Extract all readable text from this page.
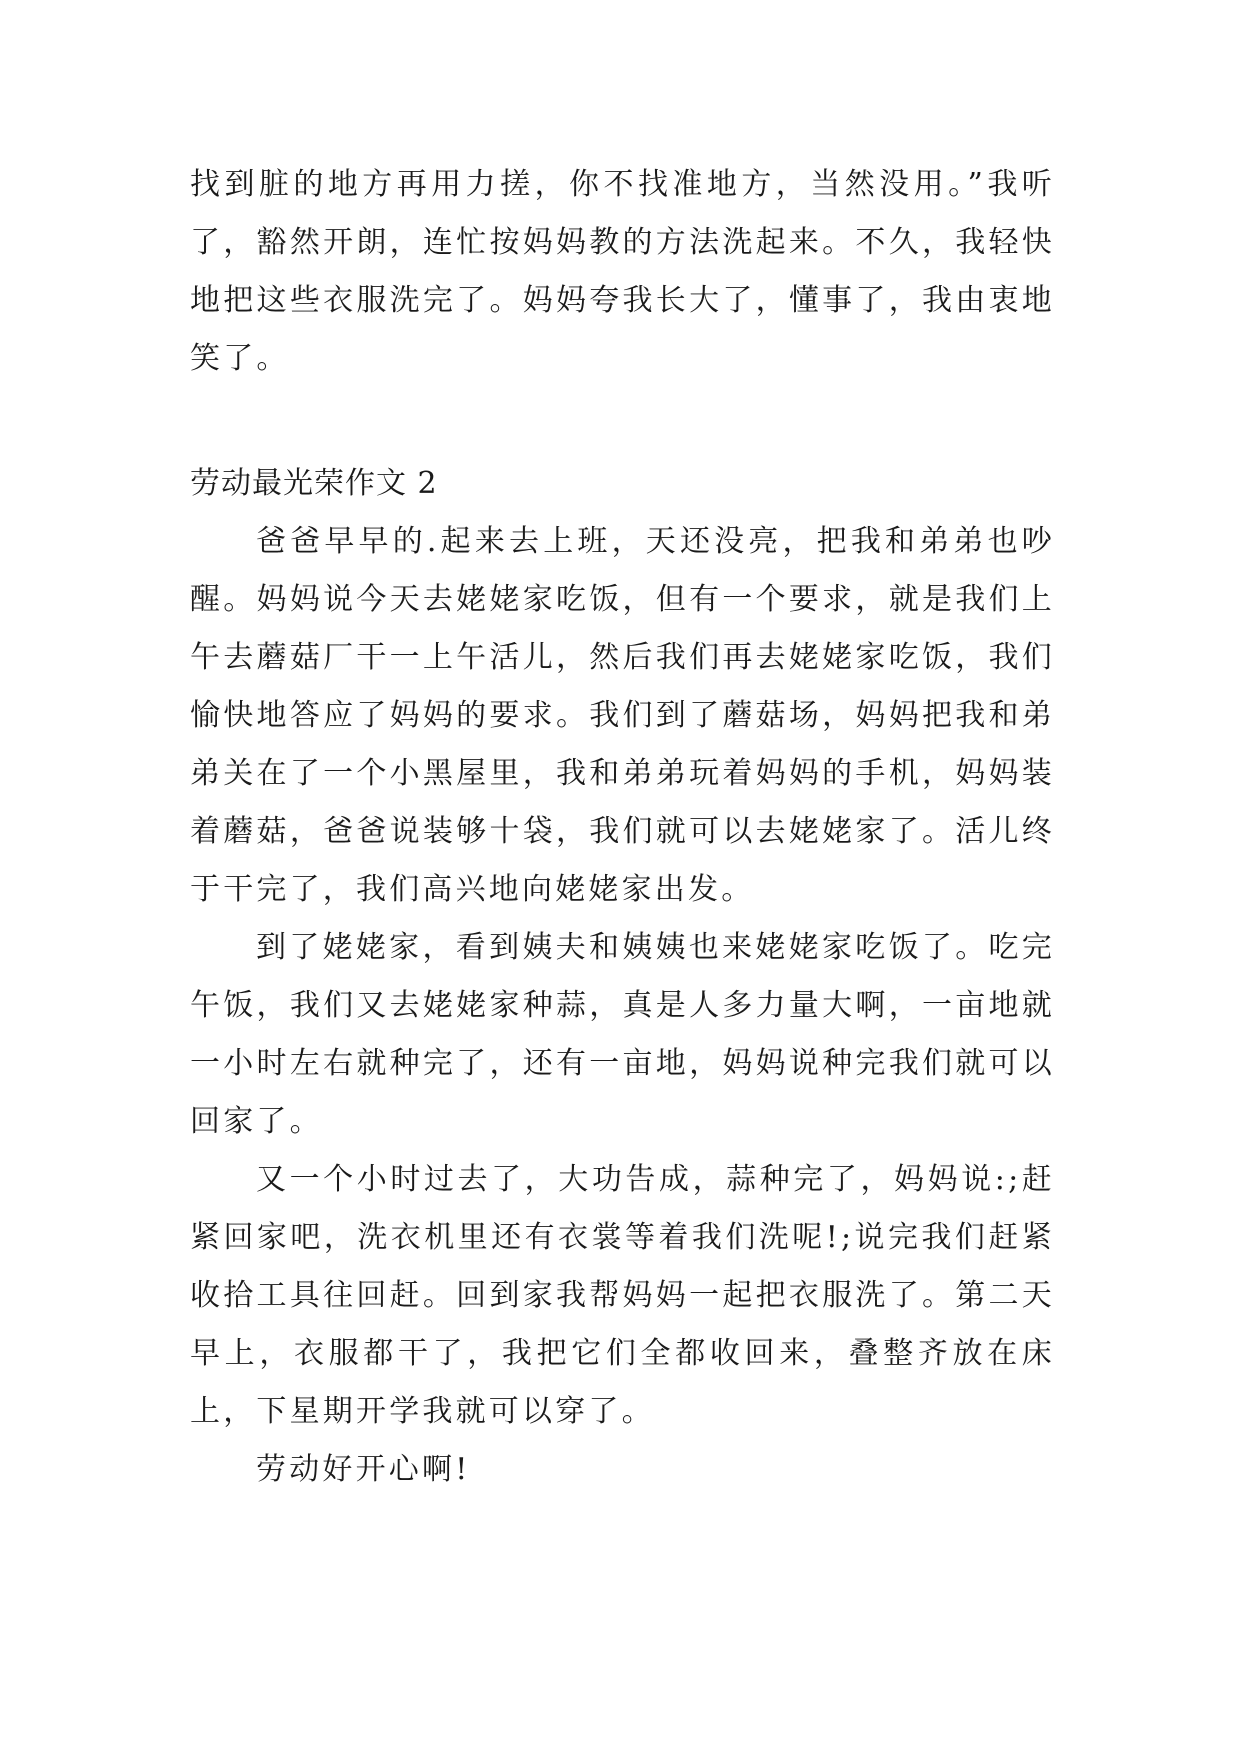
找到脏的地方再用力搓，你不找准地方，当然没用。”我听了，豁然开朗，连忙按妈妈教的方法洗起来。不久，我轻快地把这些衣服洗完了。妈妈夸我长大了，懂事了，我由衷地笑了。

劳动最光荣作文 2

爸爸早早的.起来去上班，天还没亮，把我和弟弟也吵醒。妈妈说今天去姥姥家吃饭，但有一个要求，就是我们上午去蘑菇厂干一上午活儿，然后我们再去姥姥家吃饭，我们愉快地答应了妈妈的要求。我们到了蘑菇场，妈妈把我和弟弟关在了一个小黑屋里，我和弟弟玩着妈妈的手机，妈妈装着蘑菇，爸爸说装够十袋，我们就可以去姥姥家了。活儿终于干完了，我们高兴地向姥姥家出发。

到了姥姥家，看到姨夫和姨姨也来姥姥家吃饭了。吃完午饭，我们又去姥姥家种蒜，真是人多力量大啊，一亩地就一小时左右就种完了，还有一亩地，妈妈说种完我们就可以回家了。

又一个小时过去了，大功告成，蒜种完了，妈妈说:;赶紧回家吧，洗衣机里还有衣裳等着我们洗呢!;说完我们赶紧收拾工具往回赶。回到家我帮妈妈一起把衣服洗了。第二天早上，衣服都干了，我把它们全都收回来，叠整齐放在床上，下星期开学我就可以穿了。

劳动好开心啊!
